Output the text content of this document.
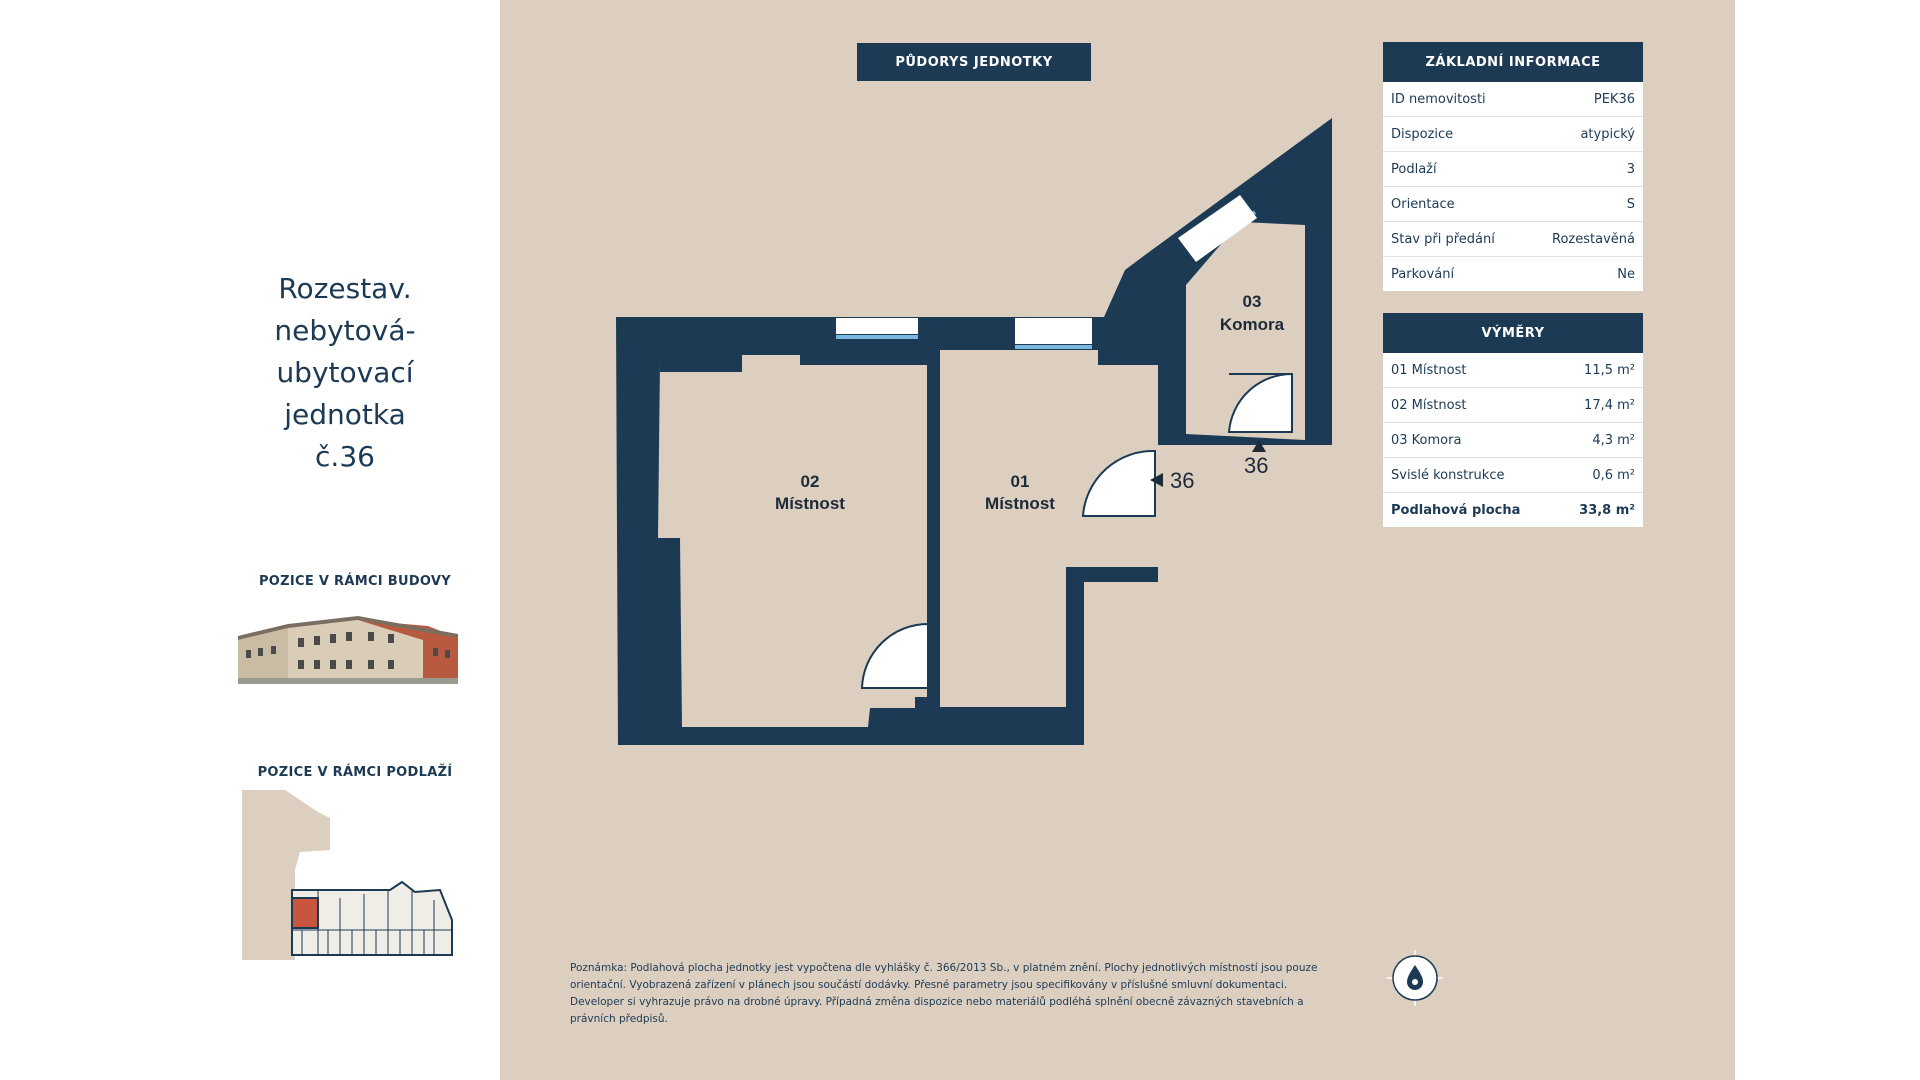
Rozestav.
nebytová-
ubytovací
jednotka
č.36
POZICE V RÁMCI BUDOVY
POZICE V RÁMCI PODLAŽÍ
PŮDORYS JEDNOTKY	ZÁKLADNÍ INFORMACE
ID nemovitosti	PEK36
Dispozice	atypický
Podlaží	3
Orientace	S
Stav při předání	Rozestavěná
Parkování	Ne
VÝMĚRY
01 Místnost	11,5 m²
02 Místnost	17,4 m²
03 Komora	4,3 m²
Svislé konstrukce	0,6 m²
Podlahová plocha	33,8 m²
02
Místnost
01
Místnost
03
Komora
36
36
Poznámka: Podlahová plocha jednotky jest vypočtena dle vyhlášky č. 366/2013 Sb., v platném znění. Plochy jednotlivých místností jsou pouze orientační. Vyobrazená zařízení v plánech jsou součástí dodávky. Přesné parametry jsou specifikovány v příslušné smluvní dokumentaci. Developer si vyhrazuje právo na drobné úpravy. Případná změna dispozice nebo materiálů podléhá splnění obecně závazných stavebních a právních předpisů.
